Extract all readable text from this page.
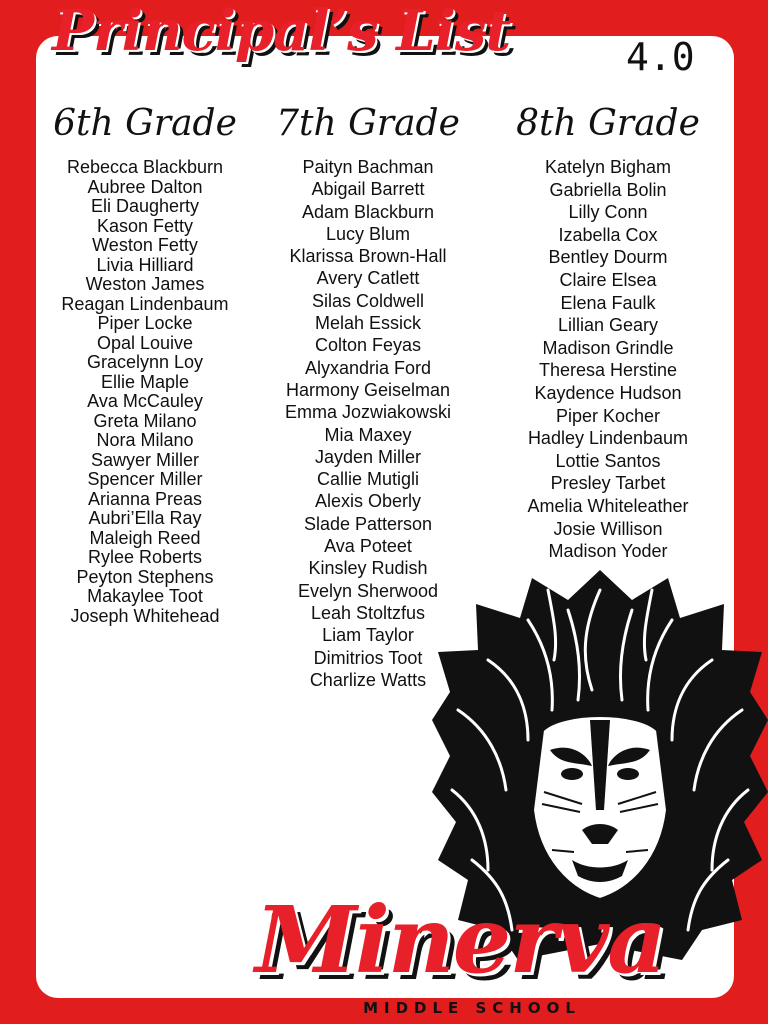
Principal’s List	4.0
6th Grade
Rebecca Blackburn
Aubree Dalton
Eli Daugherty
Kason Fetty
Weston Fetty
Livia Hilliard
Weston James
Reagan Lindenbaum
Piper Locke
Opal Louive
Gracelynn Loy
Ellie Maple
Ava McCauley
Greta Milano
Nora Milano
Sawyer Miller
Spencer Miller
Arianna Preas
Aubri’Ella Ray
Maleigh Reed
Rylee Roberts
Peyton Stephens
Makaylee Toot
Joseph Whitehead
7th Grade
Paityn Bachman
Abigail Barrett
Adam Blackburn
Lucy Blum
Klarissa Brown-Hall
Avery Catlett
Silas Coldwell
Melah Essick
Colton Feyas
Alyxandria Ford
Harmony Geiselman
Emma Jozwiakowski
Mia Maxey
Jayden Miller
Callie Mutigli
Alexis Oberly
Slade Patterson
Ava Poteet
Kinsley Rudish
Evelyn Sherwood
Leah Stoltzfus
Liam Taylor
Dimitrios Toot
Charlize Watts
8th Grade
Katelyn Bigham
Gabriella Bolin
Lilly Conn
Izabella Cox
Bentley Dourm
Claire Elsea
Elena Faulk
Lillian Geary
Madison Grindle
Theresa Herstine
Kaydence Hudson
Piper Kocher
Hadley Lindenbaum
Lottie Santos
Presley Tarbet
Amelia Whiteleather
Josie Willison
Madison Yoder
Minerva
MIDDLE SCHOOL
